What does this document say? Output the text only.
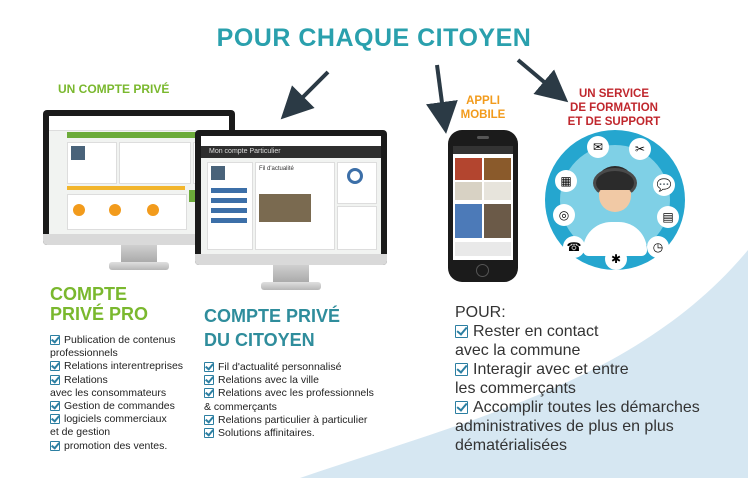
POUR CHAQUE CITOYEN
UN COMPTE PRIVÉ
APPLI
MOBILE
UN SERVICE
DE FORMATION
ET DE SUPPORT
Mon compte Particulier
Fil d'actualité
✉	✂
▦	💬
◎	▤
☎	◷
✱
COMPTE
PRIVÉ PRO
Publication de contenus
professionnels
Relations interentreprises
Relations
avec les consommateurs
Gestion de commandes
logiciels commerciaux
et de gestion
promotion des ventes.
COMPTE PRIVÉ
DU CITOYEN
Fil d'actualité personnalisé
Relations avec la ville
Relations avec les professionnels
& commerçants
Relations particulier à particulier
Solutions affinitaires.
POUR:
Rester en contact
avec la commune
Interagir avec et entre
les commerçants
Accomplir toutes les démarches
administratives de plus en plus
dématérialisées
